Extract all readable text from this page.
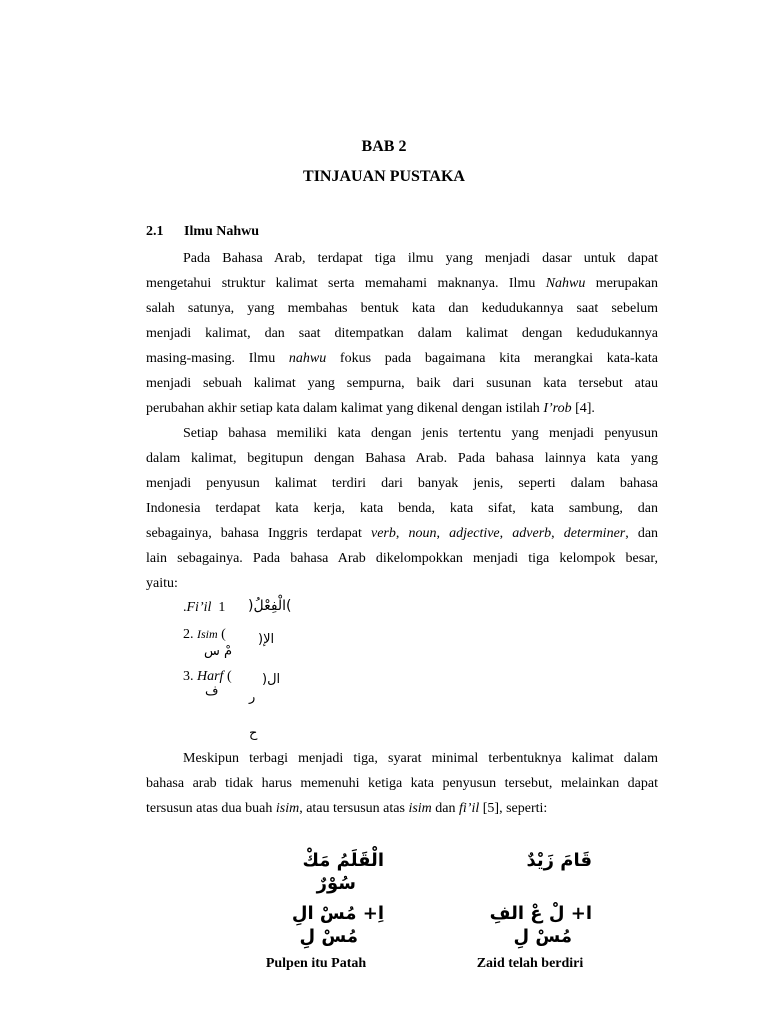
BAB 2
TINJAUAN PUSTAKA
2.1 Ilmu Nahwu
Pada Bahasa Arab, terdapat tiga ilmu yang menjadi dasar untuk dapat
mengetahui struktur kalimat serta memahami maknanya. Ilmu Nahwu merupakan
salah satunya, yang membahas bentuk kata dan kedudukannya saat sebelum
menjadi kalimat, dan saat ditempatkan dalam kalimat dengan kedudukannya
masing-masing. Ilmu nahwu fokus pada bagaimana kita merangkai kata-kata
menjadi sebuah kalimat yang sempurna, baik dari susunan kata tersebut atau
perubahan akhir setiap kata dalam kalimat yang dikenal dengan istilah I’rob [4].
Setiap bahasa memiliki kata dengan jenis tertentu yang menjadi penyusun
dalam kalimat, begitupun dengan Bahasa Arab. Pada bahasa lainnya kata yang
menjadi penyusun kalimat terdiri dari banyak jenis, seperti dalam bahasa
Indonesia terdapat kata kerja, kata benda, kata sifat, kata sambung, dan
sebagainya, bahasa Inggris terdapat verb, noun, adjective, adverb, determiner, dan
lain sebagainya. Pada bahasa Arab dikelompokkan menjadi tiga kelompok besar,
yaitu:
.Fi’il 1 )الْفِعْلُ(
2. Isim ( الإ(
مْ س
3. Harf ( ال(
ر
ف
ح
Meskipun terbagi menjadi tiga, syarat minimal terbentuknya kalimat dalam
bahasa arab tidak harus memenuhi ketiga kata penyusun tersebut, melainkan dapat
tersusun atas dua buah isim, atau tersusun atas isim dan fi’il [5], seperti:
الْقَلَمُ مَكْ
سُوْرٌ
اِ+ مُسْ الِ
مُسْ لِ
Pulpen itu Patah
قَامَ زَيْدٌ
ا+ لْ عْ الفِ
مُسْ لِ
Zaid telah berdiri
